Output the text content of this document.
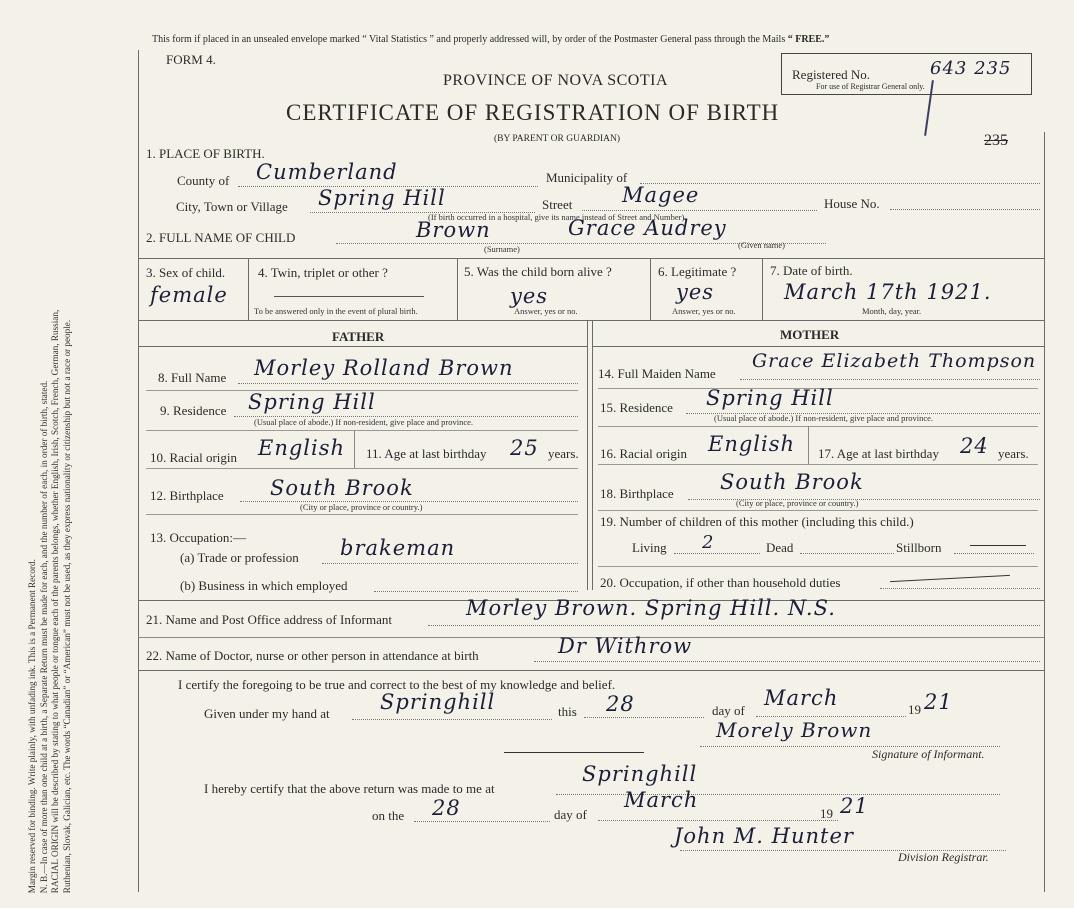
Margin reserved for binding. Write plainly, with unfading ink. This is a Permanent Record. N. B.—In case of more than one child at a birth, a Separate Return must be made for each, and the number of each, in order of birth, stated. RACIAL ORIGIN will be described by stating to what people or tongue each of the parents belongs, whether English, Irish, Scotch, French, German, Russian, Ruthenian, Slovak, Galician, etc. The words “Canadian” or “American” must not be used, as they express nationality or citizenship but not a race or people.
This form if placed in an unsealed envelope marked “ Vital Statistics ” and properly addressed will, by order of the Postmaster General pass through the Mails “ FREE.”
FORM 4.
PROVINCE OF NOVA SCOTIA
CERTIFICATE OF REGISTRATION OF BIRTH
(BY PARENT OR GUARDIAN)
Registered No.	643 235
For use of Registrar General only.
235
1. PLACE OF BIRTH.
County of Cumberland	Municipality of
City, Town or Village Spring Hill	Street Magee	House No.
(If birth occurred in a hospital, give its name instead of Street and Number)
2. FULL NAME OF CHILD	Brown	Grace Audrey
(Surname)	(Given name)
3. Sex of child.
female
4. Twin, triplet or other ?
To be answered only in the event of plural birth.
5. Was the child born alive ?
yes
Answer, yes or no.
6. Legitimate ?
yes
Answer, yes or no.
7. Date of birth.
March 17th 1921.
Month, day, year.
FATHER	MOTHER
8. Full Name Morley Rolland Brown
9. Residence Spring Hill
(Usual place of abode.) If non-resident, give place and province.
10. Racial origin English 11. Age at last birthday 25 years.
12. Birthplace South Brook
(City or place, province or country.)
13. Occupation:—
(a) Trade or profession brakeman
(b) Business in which employed
14. Full Maiden Name
Grace Elizabeth Thompson
15. Residence Spring Hill
(Usual place of abode.) If non-resident, give place and province.
16. Racial origin English 17. Age at last birthday 24 years.
18. Birthplace South Brook
(City or place, province or country.)
19. Number of children of this mother (including this child.)
Living 2	Dead	Stillborn
20. Occupation, if other than household duties
21. Name and Post Office address of Informant	Morley Brown. Spring Hill. N.S.
22. Name of Doctor, nurse or other person in attendance at birth	Dr Withrow
I certify the foregoing to be true and correct to the best of my knowledge and belief.
Given under my hand at Springhill	this 28	day of
March	19 21
Morely Brown
Signature of Informant.
I hereby certify that the above return was made to me at
Springhill
on the 28	day of
March
19 21
John M. Hunter
Division Registrar.
